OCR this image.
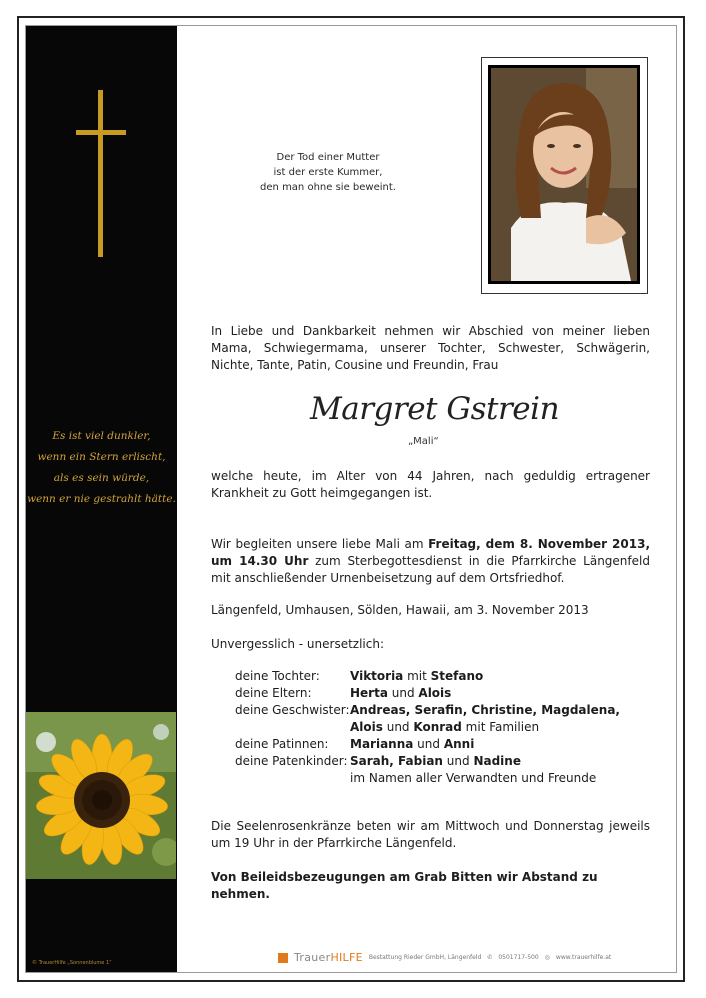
Es ist viel dunkler,
wenn ein Stern erlischt,
als es sein würde,
wenn er nie gestrahlt hätte.
© TrauerHilfe „Sonnenblume 1“
Der Tod einer Mutter
ist der erste Kummer,
den man ohne sie beweint.
In Liebe und Dankbarkeit nehmen wir Abschied von meiner lieben Mama, Schwiegermama, unserer Tochter, Schwester, Schwägerin, Nichte, Tante, Patin, Cousine und Freundin, Frau
Margret Gstrein
„Mali“
welche heute, im Alter von 44 Jahren, nach geduldig ertragener Krankheit zu Gott heimgegangen ist.
Wir begleiten unsere liebe Mali am Freitag, dem 8. November 2013, um 14.30 Uhr zum Sterbegottesdienst in die Pfarrkirche Längenfeld mit anschließender Urnenbeisetzung auf dem Ortsfriedhof.
Längenfeld, Umhausen, Sölden, Hawaii, am 3. November 2013
Unvergesslich - unersetzlich:
deine Tochter:	Viktoria mit Stefano
deine Eltern:	Herta und Alois
deine Geschwister: Andreas, Serafin, Christine, Magdalena,
Alois und Konrad mit Familien
deine Patinnen:	Marianna und Anni
deine Patenkinder: Sarah, Fabian und Nadine
im Namen aller Verwandten und Freunde
Die Seelenrosenkränze beten wir am Mittwoch und Donnerstag jeweils um 19 Uhr in der Pfarrkirche Längenfeld.
Von Beileidsbezeugungen am Grab Bitten wir Abstand zu nehmen.
TrauerHILFE Bestattung Rieder GmbH, Längenfeld ✆ 0501717-500 ◎ www.trauerhilfe.at
